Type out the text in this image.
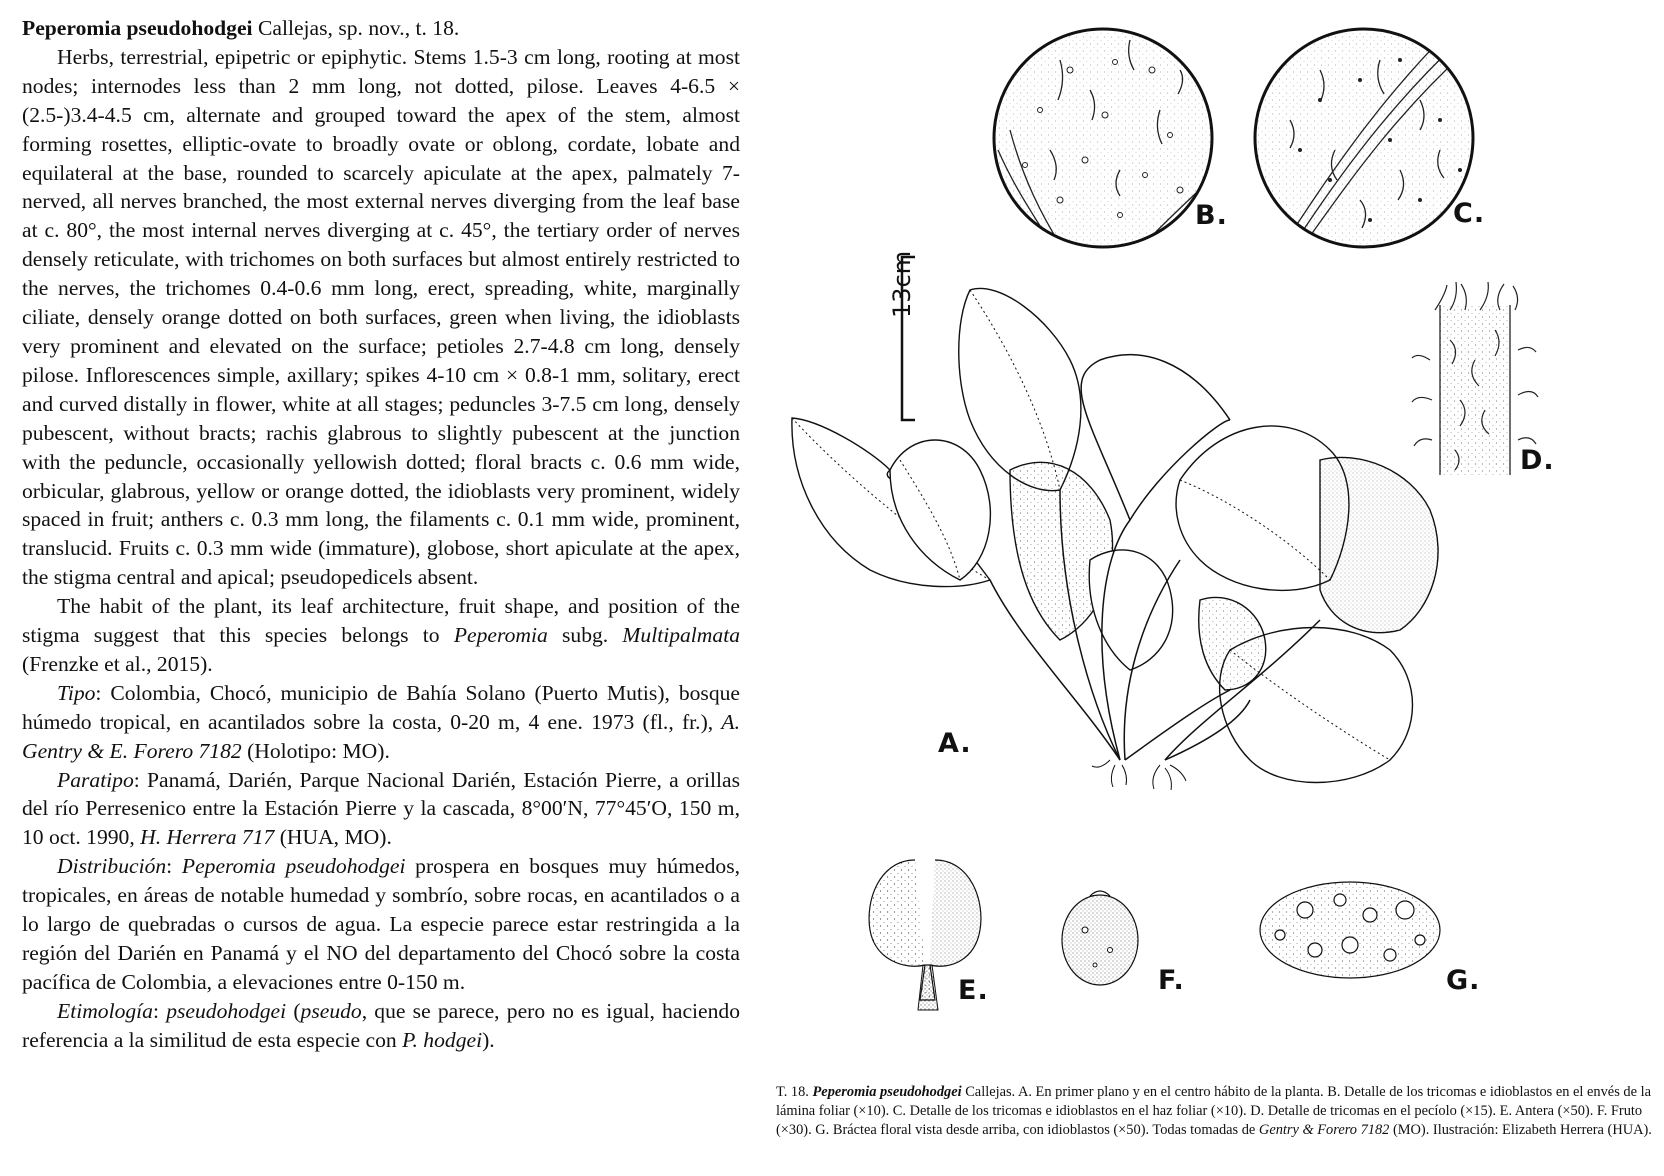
Peperomia pseudohodgei Callejas, sp. nov., t. 18.

Herbs, terrestrial, epipetric or epiphytic. Stems 1.5-3 cm long, rooting at most nodes; internodes less than 2 mm long, not dotted, pilose. Leaves 4-6.5 × (2.5-)3.4-4.5 cm, alternate and grouped toward the apex of the stem, almost forming rosettes, elliptic-ovate to broadly ovate or oblong, cordate, lobate and equilateral at the base, rounded to scarcely apiculate at the apex, palmately 7-nerved, all nerves branched, the most external nerves diverging from the leaf base at c. 80°, the most internal nerves diverging at c. 45°, the tertiary order of nerves densely reticulate, with trichomes on both surfaces but almost entirely restricted to the nerves, the trichomes 0.4-0.6 mm long, erect, spreading, white, marginally ciliate, densely orange dotted on both surfaces, green when living, the idioblasts very prominent and elevated on the surface; petioles 2.7-4.8 cm long, densely pilose. Inflorescences simple, axillary; spikes 4-10 cm × 0.8-1 mm, solitary, erect and curved distally in flower, white at all stages; peduncles 3-7.5 cm long, densely pubescent, without bracts; rachis glabrous to slightly pubescent at the junction with the peduncle, occasionally yellowish dotted; floral bracts c. 0.6 mm wide, orbicular, glabrous, yellow or orange dotted, the idioblasts very prominent, widely spaced in fruit; anthers c. 0.3 mm long, the filaments c. 0.1 mm wide, prominent, translucid. Fruits c. 0.3 mm wide (immature), globose, short apiculate at the apex, the stigma central and apical; pseudopedicels absent.

The habit of the plant, its leaf architecture, fruit shape, and position of the stigma suggest that this species belongs to Peperomia subg. Multipalmata (Frenzke et al., 2015).

Tipo: Colombia, Chocó, municipio de Bahía Solano (Puerto Mutis), bosque húmedo tropical, en acantilados sobre la costa, 0-20 m, 4 ene. 1973 (fl., fr.), A. Gentry & E. Forero 7182 (Holotipo: MO).

Paratipo: Panamá, Darién, Parque Nacional Darién, Estación Pierre, a orillas del río Perresenico entre la Estación Pierre y la cascada, 8°00′N, 77°45′O, 150 m, 10 oct. 1990, H. Herrera 717 (HUA, MO).

Distribución: Peperomia pseudohodgei prospera en bosques muy húmedos, tropicales, en áreas de notable humedad y sombrío, sobre rocas, en acantilados o a lo largo de quebradas o cursos de agua. La especie parece estar restringida a la región del Darién en Panamá y el NO del departamento del Chocó sobre la costa pacífica de Colombia, a elevaciones entre 0-150 m.

Etimología: pseudohodgei (pseudo, que se parece, pero no es igual, haciendo referencia a la similitud de esta especie con P. hodgei).

B.	C.
D.
A.
E.	F.	G.
13cm
T. 18. Peperomia pseudohodgei Callejas. A. En primer plano y en el centro hábito de la planta. B. Detalle de los tricomas e idioblastos en el envés de la lámina foliar (×10). C. Detalle de los tricomas e idioblastos en el haz foliar (×10). D. Detalle de tricomas en el pecíolo (×15). E. Antera (×50). F. Fruto (×30). G. Bráctea floral vista desde arriba, con idioblastos (×50). Todas tomadas de Gentry & Forero 7182 (MO). Ilustración: Elizabeth Herrera (HUA).
